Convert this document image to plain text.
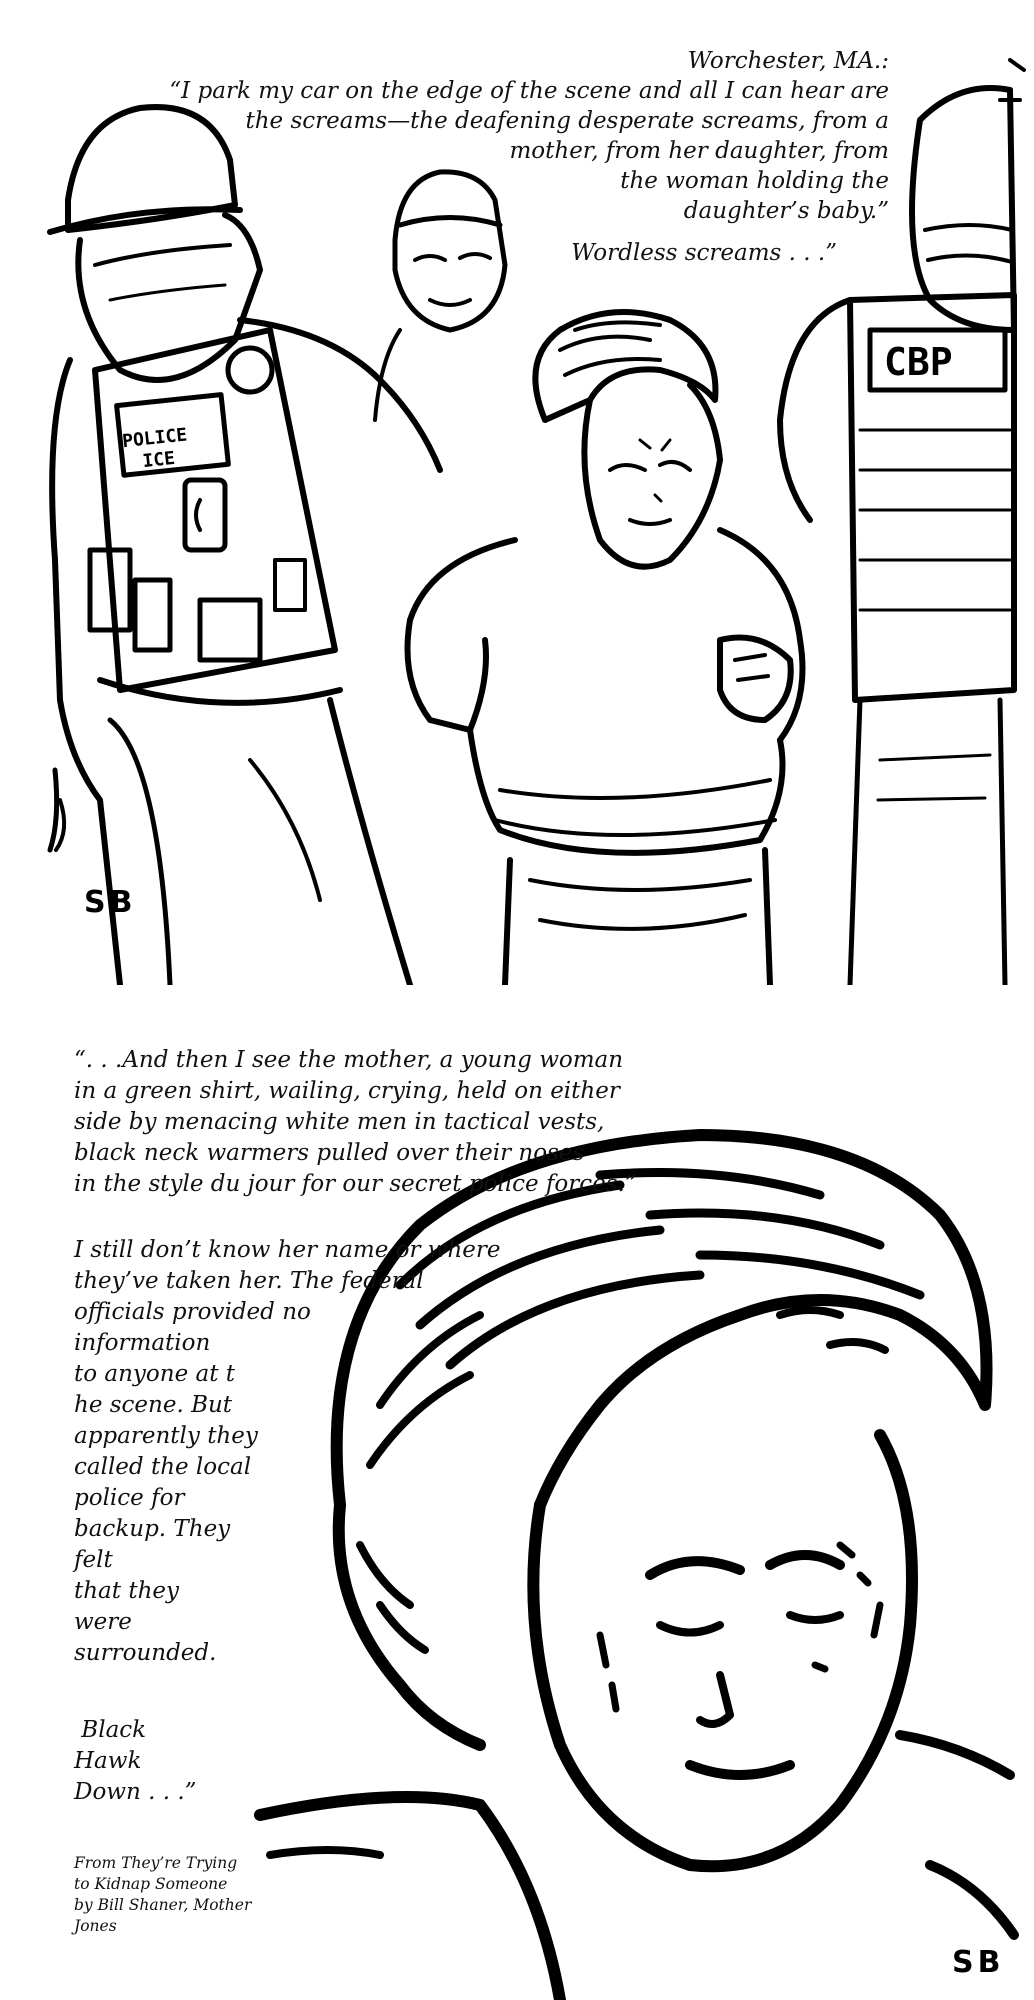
POLICE
ICE
CBP
Worchester, MA.:
“I park my car on the edge of the scene and all I can hear are
the screams—the deafening desperate screams, from a
mother, from her daughter, from
the woman holding the
daughter’s baby.”
Wordless screams . . .”
SB
“. . .And then I see the mother, a young woman
in a green shirt, wailing, crying, held on either
side by menacing white men in tactical vests,
black neck warmers pulled over their noses
in the style du jour for our secret police forces.”
I still don’t know her name or where
they’ve taken her. The federal
officials provided no
information
to anyone at t
he scene. But
apparently they
called the local
police for
backup. They
felt
that they
were
surrounded.
Black
Hawk
Down . . .”
From They’re Trying
to Kidnap Someone
by Bill Shaner, Mother
Jones
SB
